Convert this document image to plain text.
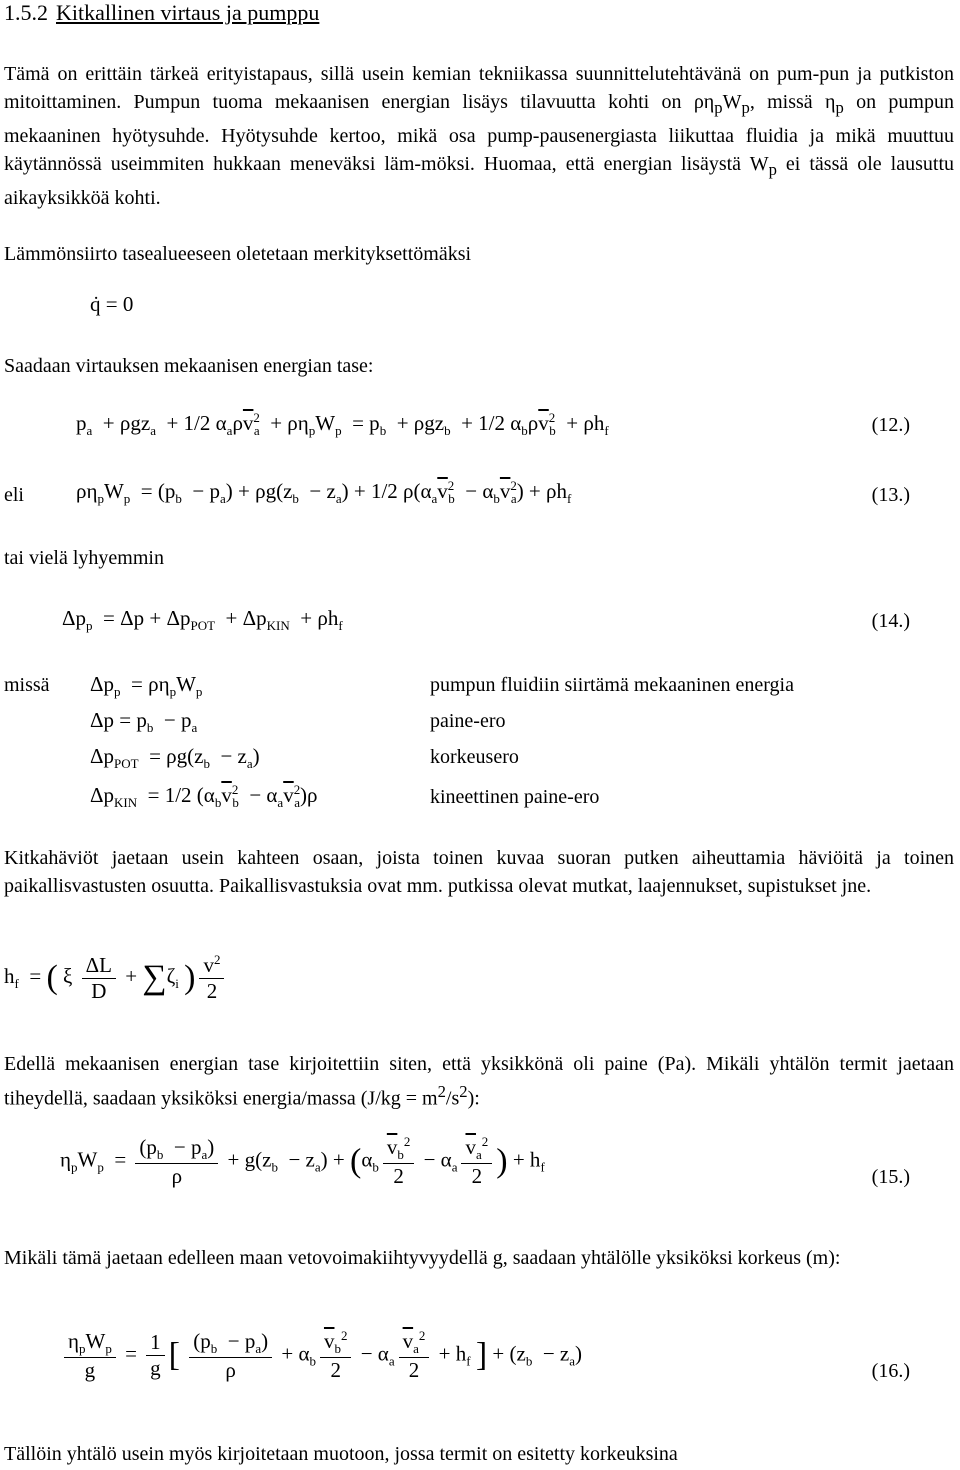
1.5.2 Kitkallinen virtaus ja pumppu
Tämä on erittäin tärkeä erityistapaus, sillä usein kemian tekniikassa suunnittelutehtävänä on pum-pun ja putkiston mitoittaminen. Pumpun tuoma mekaanisen energian lisäys tilavuutta kohti on $\rho\eta_pW_p$, missä $\eta_p$ on pumpun mekaaninen hyötysuhde. Hyötysuhde kertoo, mikä osa pump-pausenergiasta liikuttaa fluidia ja mikä muuttuu käytännössä useimmiten hukkaan meneväksi läm-möksi. Huomaa, että energian lisäystä $W_p$ ei tässä ole lausuttu aikayksikköä kohti.
Lämmönsiirto tasealueeseen oletetaan merkityksettömäksi
q̇ = 0
Saadaan virtauksen mekaanisen energian tase:
$p_a + \rho gz_a + 1/2$ $\alpha_a\rho\overline{v}^2_a + \rho\eta_pW_p = p_b + \rho gz_b + 1/2$ $\alpha_b\rho\overline{v}^2_b + \rho h_f$	(12.)
eli $\rho\eta_pW_p = (p_b - p_a) + \rho g(z_b - z_a) + 1/2$ $\rho(\alpha_a\overline{v}^2_b - \alpha_b\overline{v}^2_a) + \rho h_f$	(13.)
tai vielä lyhyemmin
$\Delta p_p = \Delta p + \Delta p_{POT} + \Delta p_{KIN} + \rho h_f$	(14.)
missä $\Delta p_p = \rho\eta_pW_p$	pumpun fluidiin siirtämä mekaaninen energia
$\Delta p = p_b - p_a$	paine-ero
$\Delta p_{POT} = \rho g(z_b - z_a)$	korkeusero
$\Delta p_{KIN} = 1/2$ $(\alpha_b\overline{v}^2_b - \alpha_a\overline{v}^2_a)\rho$	kineettinen paine-ero
Kitkahäviöt jaetaan usein kahteen osaan, joista toinen kuvaa suoran putken aiheuttamia häviöitä ja toinen paikallisvastusten osuutta. Paikallisvastuksia ovat mm. putkissa olevat mutkat, laajennukset, supistukset jne.
$h_f$  = ( ξ $\frac{\Delta L}{D} + \sum\zeta_i$ ) $\frac{v^2}{2}$
Edellä mekaanisen energian tase kirjoitettiin siten, että yksikkönä oli paine (Pa). Mikäli yhtälön termit jaetaan tiheydellä, saadaan yksiköksi energia/massa $(J/kg = m^2/s^2)$:
$\eta_pW_p = \frac{(p_b - p_a)}{\rho} + g(z_b - z_a) + (\alpha_b \frac{\overline{v}_b^2}{2} - \alpha_a \frac{\overline{v}_a^2}{2}$ ) + $h_f$	(15.)
Mikäli tämä jaetaan edelleen maan vetovoimakiihtyvyydellä g, saadaan yhtälölle yksiköksi korkeus (m):
$\frac{\eta_pW_p}{g} = \frac{1}{g}$ [ $\frac{(p_b - p_a)}{\rho} + \alpha_b \frac{\overline{v}_b^2}{2} - \alpha_a \frac{\overline{v}_a^2}{2} + h_f$ ] + $(z_b - z_a)$
(16.)
Tällöin yhtälö usein myös kirjoitetaan muotoon, jossa termit on esitetty korkeuksina
